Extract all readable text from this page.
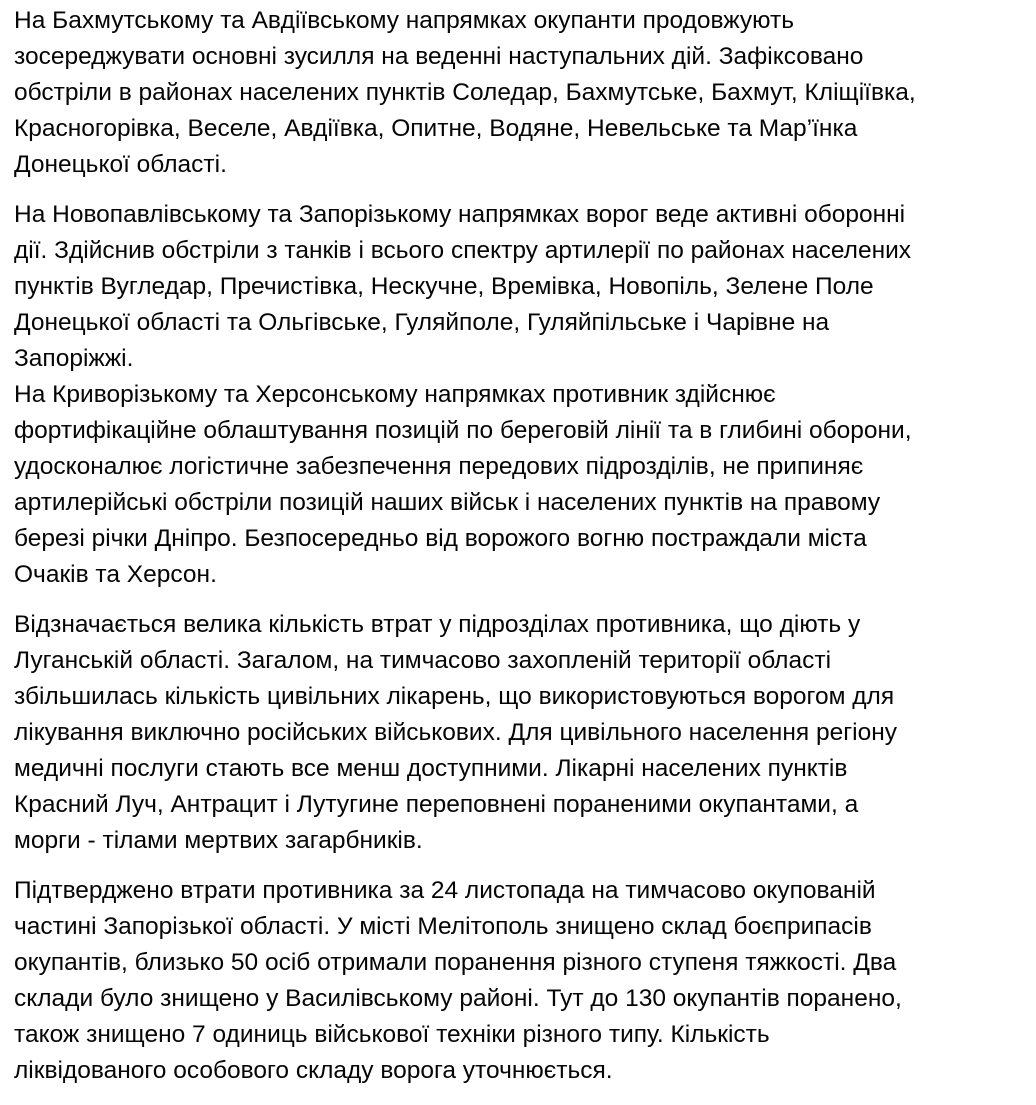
На Бахмутському та Авдіївському напрямках окупанти продовжують
зосереджувати основні зусилля на веденні наступальних дій. Зафіксовано
обстріли в районах населених пунктів Соледар, Бахмутське, Бахмут, Кліщіївка,
Красногорівка, Веселе, Авдіївка, Опитне, Водяне, Невельське та Мар’їнка
Донецької області.

На Новопавлівському та Запорізькому напрямках ворог веде активні оборонні
дії. Здійснив обстріли з танків і всього спектру артилерії по районах населених
пунктів Вугледар, Пречистівка, Нескучне, Времівка, Новопіль, Зелене Поле
Донецької області та Ольгівське, Гуляйполе, Гуляйпільське і Чарівне на
Запоріжжі.
На Криворізькому та Херсонському напрямках противник здійснює
фортифікаційне облаштування позицій по береговій лінії та в глибині оборони,
удосконалює логістичне забезпечення передових підрозділів, не припиняє
артилерійські обстріли позицій наших військ і населених пунктів на правому
березі річки Дніпро. Безпосередньо від ворожого вогню постраждали міста
Очаків та Херсон.

Відзначається велика кількість втрат у підрозділах противника, що діють у
Луганській області. Загалом, на тимчасово захопленій території області
збільшилась кількість цивільних лікарень, що використовуються ворогом для
лікування виключно російських військових. Для цивільного населення регіону
медичні послуги стають все менш доступними. Лікарні населених пунктів
Красний Луч, Антрацит і Лутугине переповнені пораненими окупантами, а
морги - тілами мертвих загарбників.

Підтверджено втрати противника за 24 листопада на тимчасово окупованій
частині Запорізької області. У місті Мелітополь знищено склад боєприпасів
окупантів, близько 50 осіб отримали поранення різного ступеня тяжкості. Два
склади було знищено у Василівському районі. Тут до 130 окупантів поранено,
також знищено 7 одиниць військової техніки різного типу. Кількість
ліквідованого особового складу ворога уточнюється.
